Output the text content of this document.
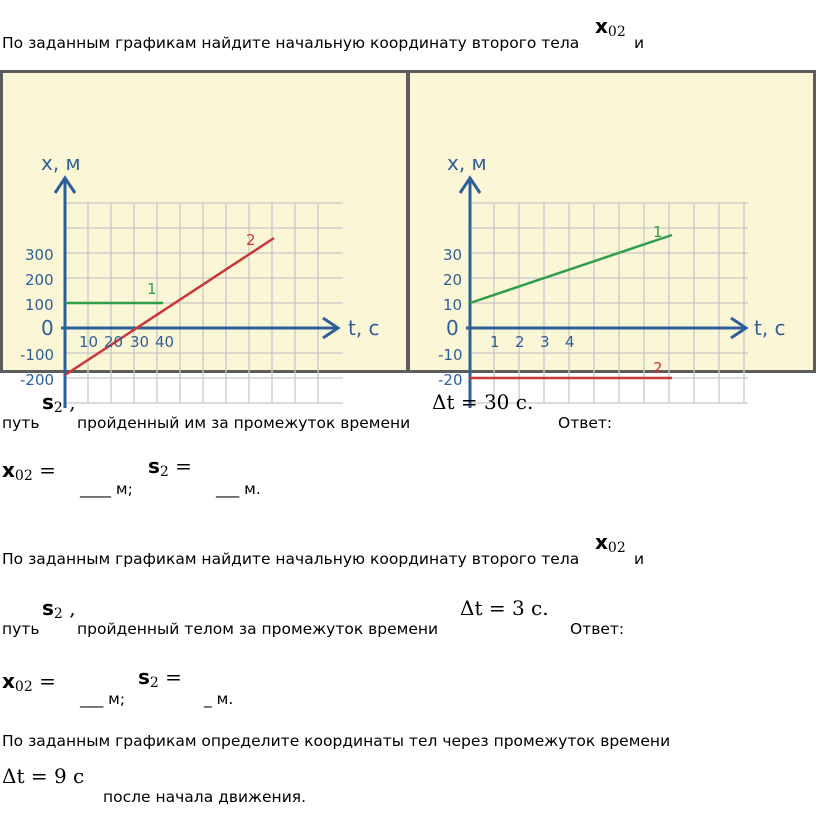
По заданным графикам найдите начальную координату второго тела
$x_{02}$
и
x, м
t, c
0
300
200
100
-100
-200
10 20 30 40
1
2
x, м
t, c
0
30
20
10
-10
-20
1 2 3 4
1
2
$s_2$ ,
путь пройденный им за промежуток времени
Δt = 30 c.
Ответ:
$x_{02}$ =
____ м;
$s_2$ =
___ м.
По заданным графикам найдите начальную координату второго тела
$x_{02}$
и
$s_2$ ,
путь пройденный телом за промежуток времени
Δt = 3 c.
Ответ:
$x_{02}$ =
___ м;
$s_2$ =
_ м.
По заданным графикам определите координаты тел через промежуток времени
Δt = 9 c
после начала движения.
